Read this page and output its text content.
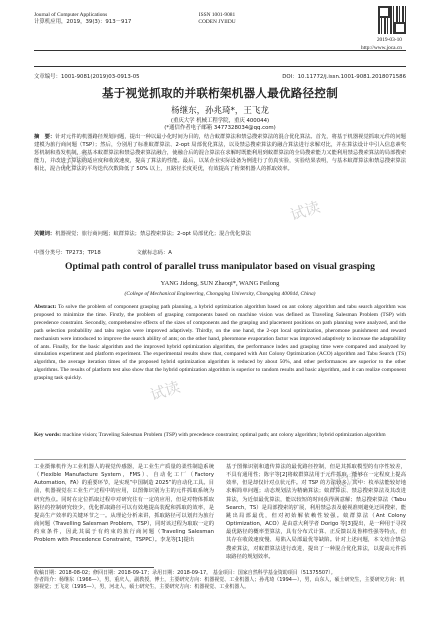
试读
试读
试读
试读
Journal of Computer Applications
计算机应用，2019，39(3)：913－917
ISSN 1001-9081
CODEN JYIIDU
2019-03-10
http://www.joca.cn
文章编号：1001-9081(2019)03-0913-05	DOI：10.11772/j.issn.1001-9081.2018071586
基于视觉抓取的并联桁架机器人最优路径控制
杨继东，孙兆琦*，王飞龙
(重庆大学 机械工程学院，重庆 400044)
(*通信作者电子邮箱 3477328034@qq.com)
摘　要：针对元件的机器路径规划问题，提出一种以最小化时间为目的，结合蚁群算法和禁忌搜索算法的混合优化算法。首先，将基于机器视觉抓取元件的问题建模为旅行商问题（TSP）；然后，分别用了标准蚁群算法、2-opt 局部优化算法，以及禁忌搜索算法的融合算法进行求解对比，并在算法设计中引入信息素奖惩机制和蒸发机制，将基本蚁群算法和禁忌搜索算法融合，使融合后的混合算法在求解时既能利用到蚁群算法的全局搜索能力又能利用禁忌搜索算法的局部搜索能力，并改进了算法的适应度和收敛速度，提高了算法的性能。最后，以某企业实际设备为例进行了仿真实验，实验结果表明，与基本蚁群算法和禁忌搜索算法相比，混合优化算法的平均迭代次数降低了 50% 以上，且路径长度更优，有效提高了桁架机器人的抓取效率。
关键词：机器视觉；旅行商问题；蚁群算法；禁忌搜索算法；2-opt 局部优化；混合优化算法
中图分类号：TP273；TP18	文献标志码：A
Optimal path control of parallel truss manipulator based on visual grasping
YANG Jidong, SUN Zhaoqi*, WANG Feilong
(College of Mechanical Engineering, Chongqing University, Chongqing 400044, China)
Abstract: To solve the problem of component grasping path planning, a hybrid optimization algorithm based on ant colony algorithm and tabu search algorithm was proposed to minimize the time. Firstly, the problem of grasping components based on machine vision was defined as Traveling Salesman Problem (TSP) with precedence constraint. Secondly, comprehensive effects of the sizes of components and the grasping and placement positions on path planning were analyzed, and the path selection probability and tabu region were improved adaptively. Thirdly, on the one hand, the 2-opt local optimization, pheromone punishment and reward mechanism were introduced to improve the search ability of ants; on the other hand, pheromone evaporation factor was improved adaptively to increase the adaptability of ants. Finally, for the basic algorithm and the improved hybrid optimization algorithm, the performance index and grasping time were compared and analyzed by simulation experiment and platform experiment. The experimental results show that, compared with Ant Colony Optimization (ACO) algorithm and Tabu Search (TS) algorithm, the average iteration times of the proposed hybrid optimization algorithm is reduced by about 50%, and other performances are superior to the other algorithms. The results of platform test also show that the hybrid optimization algorithm is superior to random results and basic algorithm, and it can realize component grasping task quickly.
Key words: machine vision; Traveling Salesman Problem (TSP) with precedence constraint; optimal path; ant colony algorithm; hybrid optimization algorithm
工业摄像机作为工业机器人的视觉传感器，是工业生产质量的柔性制造系统（Flexible Manufacture System，FMS）、自动化工厂（Factory Automation，FA）的重要环节，是实现“中国制造 2025”的自动化工具。目前，机器视觉在工业生产过程中的应用，以图像识别为主的元件抓取系统为研究热点。同时在定位抓取过程中对研究往有一定的应用，但是对物体抓取路径的控制研究较少，优化抓取路径可以有效地提高装配和抓取的效率，是提高生产效率的关键环节之一。从理论分析来讲，抓取路径可以划归为旅行商问题（Travelling Salesman Problem，TSP），同时该过程为取取一定的约束条件，因此其属于有约束的旅行商问题（Traveling Salesman Problem with Precedence Constraint，TSPPC）。李龙等[1]提出
基于图像识别和遗传算法的最优路径控制，但是其抓取模型的有序性较差，不具有通用性；陈宇等[2]将蚁群算法用于元件抓取，能够在一定程度上提高效率，但是却仅针对点状元件。对 TSP 的方法较多，其中：枚举法能较好地求解简单问题；动态规划法为精确算法；蚁群算法、禁忌搜索算法及其改进算法，为近似最优算法，能以较短的时间获得满意解；禁忌搜索算法（Tabu Search，TS）是局部搜索的扩展，利用禁忌表及藐视准则避免迂回搜索，能跳出局部最优，但对初始解依赖性较强。蚁群算法（Ant Colony Optimization，ACO）是由意大利学者 Dorigo 等[3]提出，是一种用于寻找最优路径的概率型算法，具有分布式计算、正反馈以及鲁棒性强等特点，但其存在收敛速度慢、易陷入局部最优等缺陷。针对上述问题，本文结合禁忌搜索算法，对蚁群算法进行改进，提出了一种混合优化算法，以提高元件抓取路径的规划效率。
收稿日期：2018-08-02；修回日期：2018-09-17；录用日期：2018-09-17。 基金项目：国家自然科学基金资助项目（51375507）。
作者简介：杨继东（1966—），男，重庆人，副教授，博士，主要研究方向：机器视觉、工业机器人；孙兆琦（1994—），男，山东人，硕士研究生，主要研究方向：机器视觉；王飞龙（1995—），男，河北人，硕士研究生，主要研究方向：机器视觉、工业机器人。
